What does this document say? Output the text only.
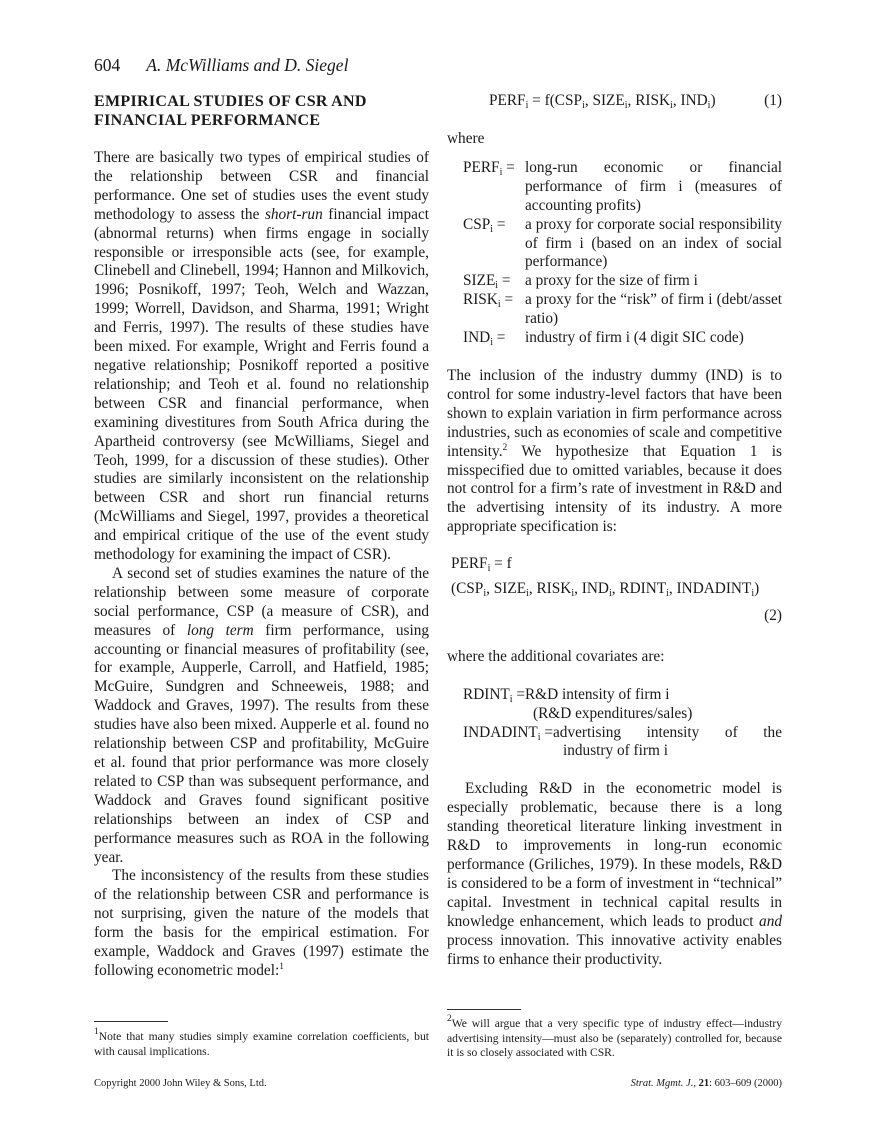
604 A. McWilliams and D. Siegel
EMPIRICAL STUDIES OF CSR AND FINANCIAL PERFORMANCE

There are basically two types of empirical studies of the relationship between CSR and financial performance. One set of studies uses the event study methodology to assess the short-run financial impact (abnormal returns) when firms engage in socially responsible or irresponsible acts (see, for example, Clinebell and Clinebell, 1994; Hannon and Milkovich, 1996; Posnikoff, 1997; Teoh, Welch and Wazzan, 1999; Worrell, Davidson, and Sharma, 1991; Wright and Ferris, 1997). The results of these studies have been mixed. For example, Wright and Ferris found a negative relationship; Posnikoff reported a positive relationship; and Teoh et al. found no relationship between CSR and financial performance, when examining divestitures from South Africa during the Apartheid controversy (see McWilliams, Siegel and Teoh, 1999, for a discussion of these studies). Other studies are similarly inconsistent on the relationship between CSR and short run financial returns (McWilliams and Siegel, 1997, provides a theoretical and empirical critique of the use of the event study methodology for examining the impact of CSR).

A second set of studies examines the nature of the relationship between some measure of corporate social performance, CSP (a measure of CSR), and measures of long term firm performance, using accounting or financial measures of profitability (see, for example, Aupperle, Carroll, and Hatfield, 1985; McGuire, Sundgren and Schneeweis, 1988; and Waddock and Graves, 1997). The results from these studies have also been mixed. Aupperle et al. found no relationship between CSP and profitability, McGuire et al. found that prior performance was more closely related to CSP than was subsequent performance, and Waddock and Graves found significant positive relationships between an index of CSP and performance measures such as ROA in the following year.

The inconsistency of the results from these studies of the relationship between CSR and performance is not surprising, given the nature of the models that form the basis for the empirical estimation. For example, Waddock and Graves (1997) estimate the following econometric model:$^1$

$PERF_i = f(CSP_i$, $SIZE_i$, $RISK_i$, $IND_i$)	(1)

where

$PERF_i$ = long-run economic or financial performance of firm i (measures of accounting profits)
$CSP_i$ =	a proxy for corporate social responsibility of firm i (based on an index of social performance)
$SIZE_i = a$ proxy for the size of firm i
$RISK_i = a$ proxy for the “risk” of firm i (debt/asset ratio)
$IND_i$ =	industry of firm i (4 digit SIC code)

The inclusion of the industry dummy (IND) is to control for some industry-level factors that have been shown to explain variation in firm performance across industries, such as economies of scale and competitive intensity.$^2$ We hypothesize that Equation 1 is misspecified due to omitted variables, because it does not control for a firm’s rate of investment in R&D and the advertising intensity of its industry. A more appropriate specification is:

$PERF_i = f$
($CSP_i$, $SIZE_i$, $RISK_i$, $IND_i$, $RDINT_i$, $INDADINT_i$)
(2)

where the additional covariates are:

$RDINT_i$ = R&D intensity of firm i
(R&D expenditures/sales)
$INDADINT_i$ = advertising intensity of the
industry of firm i

Excluding R&D in the econometric model is especially problematic, because there is a long standing theoretical literature linking investment in R&D to improvements in long-run economic performance (Griliches, 1979). In these models, R&D is considered to be a form of investment in “technical” capital. Investment in technical capital results in knowledge enhancement, which leads to product and process innovation. This innovative activity enables firms to enhance their productivity.

$^1$Note that many studies simply examine correlation coefficients, but with causal implications.
$^2$We will argue that a very specific type of industry effect—industry advertising intensity—must also be (separately) controlled for, because it is so closely associated with CSR.
Copyright 2000 John Wiley & Sons, Ltd.	Strat. Mgmt. J., 21: 603–609 (2000)
